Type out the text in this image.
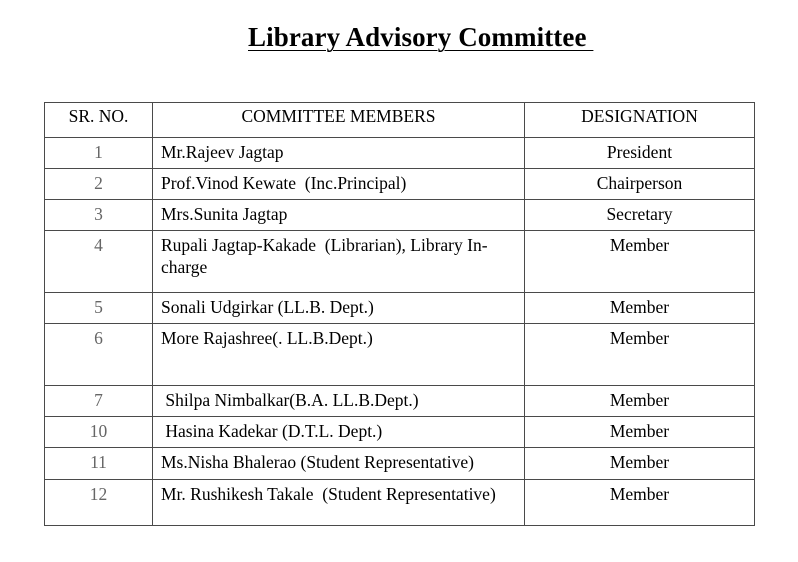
Library Advisory Committee
SR. NO.	COMMITTEE MEMBERS	DESIGNATION
1	Mr.Rajeev Jagtap	President
2	Prof.Vinod Kewate  (Inc.Principal)	Chairperson
3	Mrs.Sunita Jagtap	Secretary
4	Rupali Jagtap-Kakade  (Librarian), Library In-charge	Member
5	Sonali Udgirkar (LL.B. Dept.)	Member
6	More Rajashree(. LL.B.Dept.)	Member
7	Shilpa Nimbalkar(B.A. LL.B.Dept.)	Member
10	Hasina Kadekar (D.T.L. Dept.)	Member
11	Ms.Nisha Bhalerao (Student Representative)	Member
12	Mr. Rushikesh Takale  (Student Representative)	Member
